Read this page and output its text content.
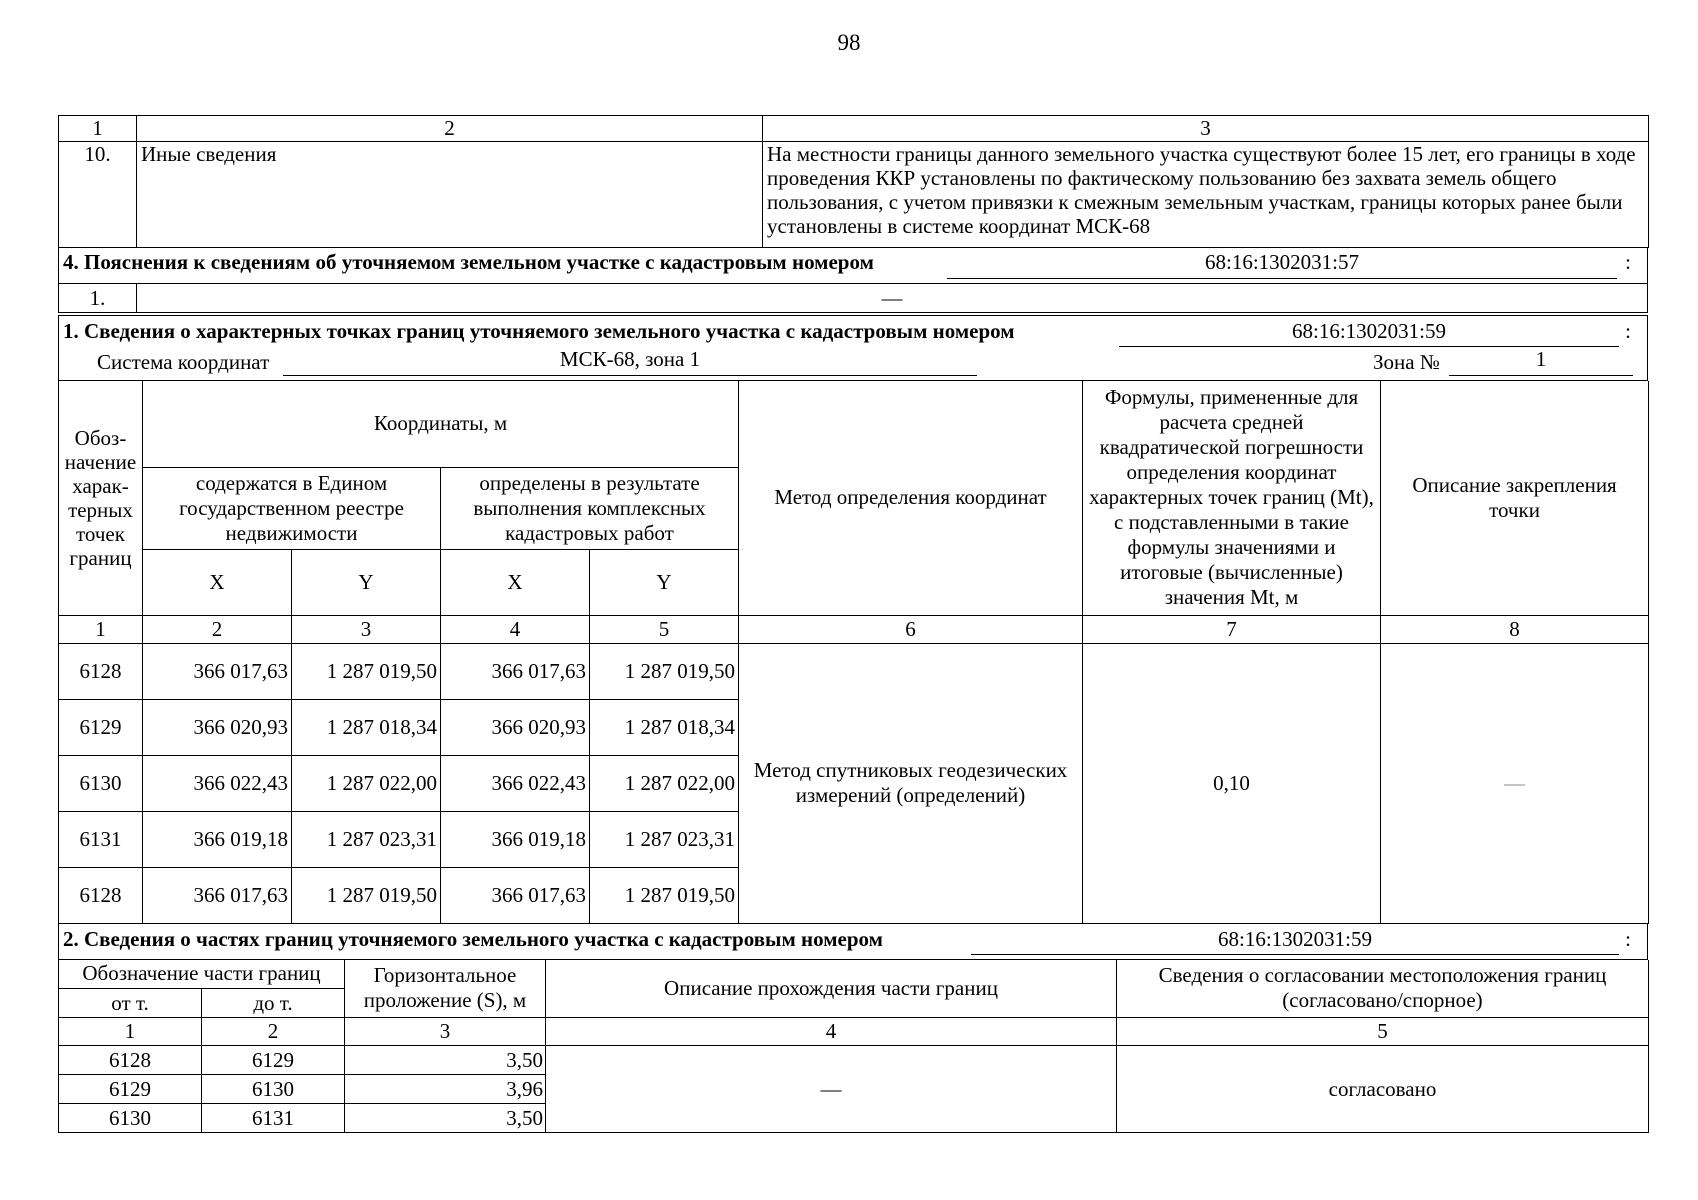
98
1	2	3
10.	Иные сведения	На местности границы данного земельного участка существуют более 15 лет, его границы в ходе проведения ККР установлены по фактическому пользованию без захвата земель общего пользования, с учетом привязки к смежным земельным участкам, границы которых ранее были установлены в системе координат МСК-68
4. Пояснения к сведениям об уточняемом земельном участке с кадастровым номером	68:16:1302031:57	:
1.	—
1. Сведения о характерных точках границ уточняемого земельного участка с кадастровым номером	68:16:1302031:59	:
Система координат	МСК-68, зона 1	Зона №	1
Обоз-начение харак-терных точек границ	Координаты, м				Метод определения координат	Формулы, примененные для расчета средней квадратической погрешности определения координат характерных точек границ (Mt), с подставленными в такие формулы значениями и итоговые (вычисленные) значения Mt, м	Описание закрепления точки
	содержатся в Едином государственном реестре недвижимости		определены в результате выполнения комплексных кадастровых работ				
	X	Y	X	Y			
1	2	3	4	5	6	7	8
6128	366 017,63	1 287 019,50	366 017,63	1 287 019,50	Метод спутниковых геодезических измерений (определений)	0,10	—
6129	366 020,93	1 287 018,34	366 020,93	1 287 018,34			
6130	366 022,43	1 287 022,00	366 022,43	1 287 022,00			
6131	366 019,18	1 287 023,31	366 019,18	1 287 023,31			
6128	366 017,63	1 287 019,50	366 017,63	1 287 019,50			
2. Сведения о частях границ уточняемого земельного участка с кадастровым номером	68:16:1302031:59	:
Обозначение части границ		Горизонтальное проложение (S), м	Описание прохождения части границ	Сведения о согласовании местоположения границ (согласовано/спорное)
от т.	до т.			
1	2	3	4	5
6128	6129	3,50	—	согласовано
6129	6130	3,96		
6130	6131	3,50		
